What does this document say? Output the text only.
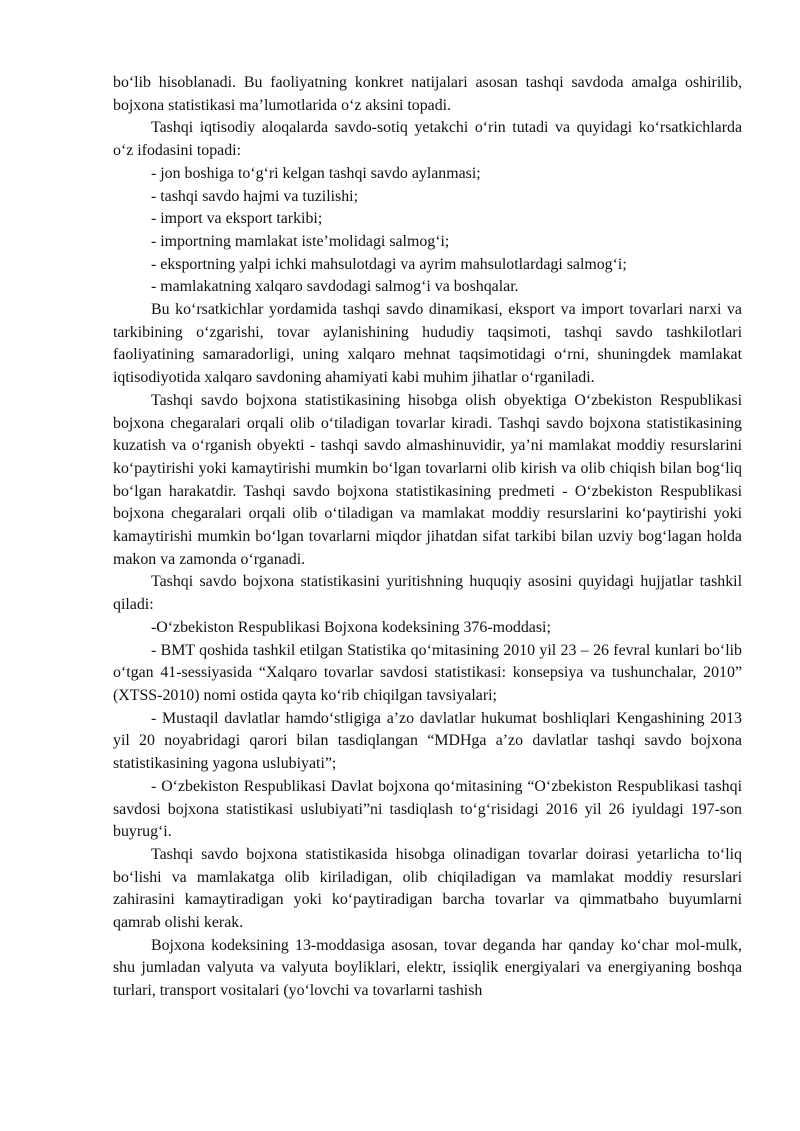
bo‘lib hisoblanadi. Bu faoliyatning konkret natijalari asosan tashqi savdoda amalga oshirilib, bojxona statistikasi ma’lumotlarida o‘z aksini topadi.

Tashqi iqtisodiy aloqalarda savdo-sotiq yetakchi o‘rin tutadi va quyidagi ko‘rsatkichlarda o‘z ifodasini topadi:

- jon boshiga to‘g‘ri kelgan tashqi savdo aylanmasi;

- tashqi savdo hajmi va tuzilishi;

- import va eksport tarkibi;

- importning mamlakat iste’molidagi salmog‘i;

- eksportning yalpi ichki mahsulotdagi va ayrim mahsulotlardagi salmog‘i;

- mamlakatning xalqaro savdodagi salmog‘i va boshqalar.

Bu ko‘rsatkichlar yordamida tashqi savdo dinamikasi, eksport va import tovarlari narxi va tarkibining o‘zgarishi, tovar aylanishining hududiy taqsimoti, tashqi savdo tashkilotlari faoliyatining samaradorligi, uning xalqaro mehnat taqsimotidagi o‘rni, shuningdek mamlakat iqtisodiyotida xalqaro savdoning ahamiyati kabi muhim jihatlar o‘rganiladi.

Tashqi savdo bojxona statistikasining hisobga olish obyektiga O‘zbekiston Respublikasi bojxona chegaralari orqali olib o‘tiladigan tovarlar kiradi. Tashqi savdo bojxona statistikasining kuzatish va o‘rganish obyekti - tashqi savdo almashinuvidir, ya’ni mamlakat moddiy resurslarini ko‘paytirishi yoki kamaytirishi mumkin bo‘lgan tovarlarni olib kirish va olib chiqish bilan bog‘liq bo‘lgan harakatdir. Tashqi savdo bojxona statistikasining predmeti - O‘zbekiston Respublikasi bojxona chegaralari orqali olib o‘tiladigan va mamlakat moddiy resurslarini ko‘paytirishi yoki kamaytirishi mumkin bo‘lgan tovarlarni miqdor jihatdan sifat tarkibi bilan uzviy bog‘lagan holda makon va zamonda o‘rganadi.

Tashqi savdo bojxona statistikasini yuritishning huquqiy asosini quyidagi hujjatlar tashkil qiladi:

-O‘zbekiston Respublikasi Bojxona kodeksining 376-moddasi;

- BMT qoshida tashkil etilgan Statistika qo‘mitasining 2010 yil 23 – 26 fevral kunlari bo‘lib o‘tgan 41-sessiyasida “Xalqaro tovarlar savdosi statistikasi: konsepsiya va tushunchalar, 2010” (XTSS-2010) nomi ostida qayta ko‘rib chiqilgan tavsiyalari;

- Mustaqil davlatlar hamdo‘stligiga a’zo davlatlar hukumat boshliqlari Kengashining 2013 yil 20 noyabridagi qarori bilan tasdiqlangan “MDHga a’zo davlatlar tashqi savdo bojxona statistikasining yagona uslubiyati”;

- O‘zbekiston Respublikasi Davlat bojxona qo‘mitasining “O‘zbekiston Respublikasi tashqi savdosi bojxona statistikasi uslubiyati”ni tasdiqlash to‘g‘risidagi 2016 yil 26 iyuldagi 197-son buyrug‘i.

Tashqi savdo bojxona statistikasida hisobga olinadigan tovarlar doirasi yetarlicha to‘liq bo‘lishi va mamlakatga olib kiriladigan, olib chiqiladigan va mamlakat moddiy resurslari zahirasini kamaytiradigan yoki ko‘paytiradigan barcha tovarlar va qimmatbaho buyumlarni qamrab olishi kerak.

Bojxona kodeksining 13-moddasiga asosan, tovar deganda har qanday ko‘char mol-mulk, shu jumladan valyuta va valyuta boyliklari, elektr, issiqlik energiyalari va energiyaning boshqa turlari, transport vositalari (yo‘lovchi va tovarlarni tashish
